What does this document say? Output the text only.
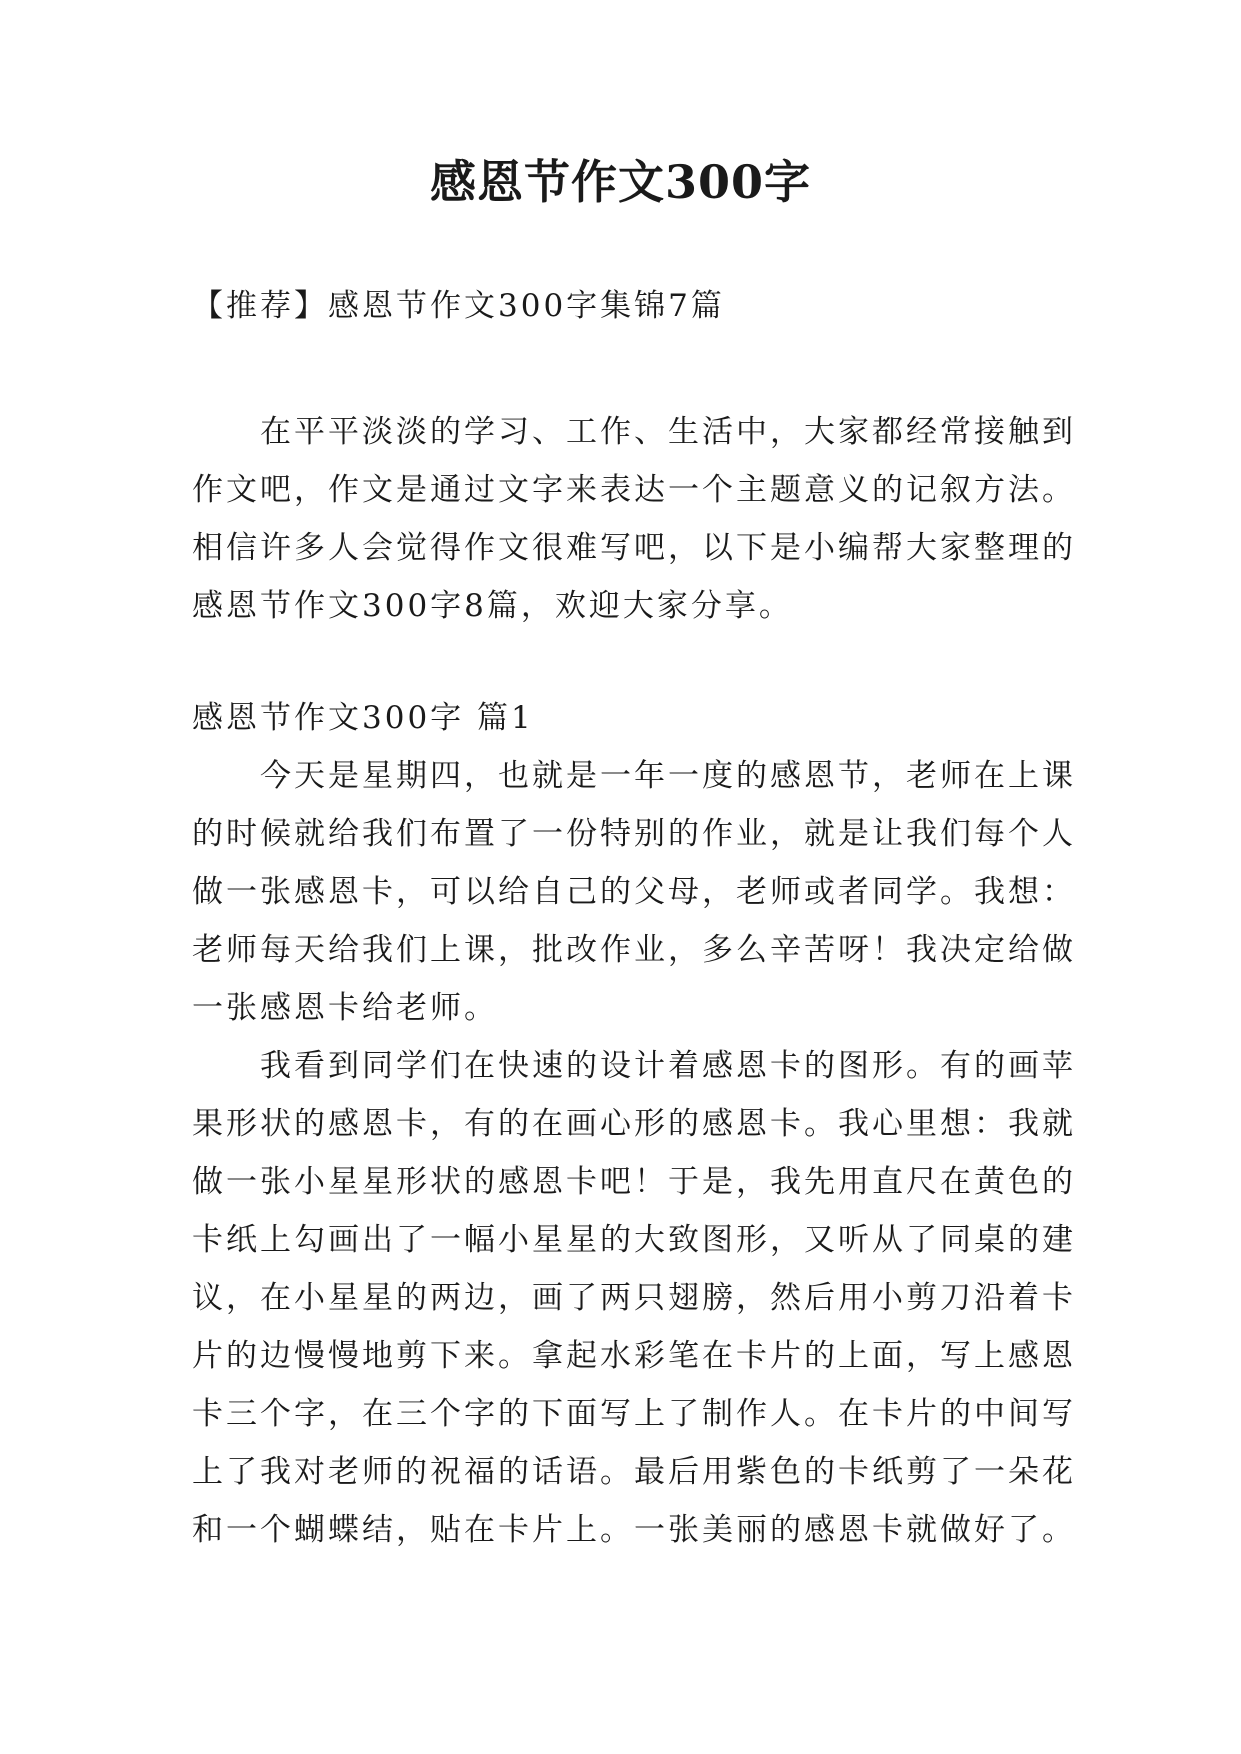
感恩节作文300字
【推荐】感恩节作文300字集锦7篇
　　在平平淡淡的学习、工作、生活中，大家都经常接触到
作文吧，作文是通过文字来表达一个主题意义的记叙方法。
相信许多人会觉得作文很难写吧，以下是小编帮大家整理的
感恩节作文300字8篇，欢迎大家分享。
感恩节作文300字 篇1
　　今天是星期四，也就是一年一度的感恩节，老师在上课
的时候就给我们布置了一份特别的作业，就是让我们每个人
做一张感恩卡，可以给自己的父母，老师或者同学。我想：
老师每天给我们上课，批改作业，多么辛苦呀！我决定给做
一张感恩卡给老师。
　　我看到同学们在快速的设计着感恩卡的图形。有的画苹
果形状的感恩卡，有的在画心形的感恩卡。我心里想：我就
做一张小星星形状的感恩卡吧！于是，我先用直尺在黄色的
卡纸上勾画出了一幅小星星的大致图形，又听从了同桌的建
议，在小星星的两边，画了两只翅膀，然后用小剪刀沿着卡
片的边慢慢地剪下来。拿起水彩笔在卡片的上面，写上感恩
卡三个字，在三个字的下面写上了制作人。在卡片的中间写
上了我对老师的祝福的话语。最后用紫色的卡纸剪了一朵花
和一个蝴蝶结，贴在卡片上。一张美丽的感恩卡就做好了。
